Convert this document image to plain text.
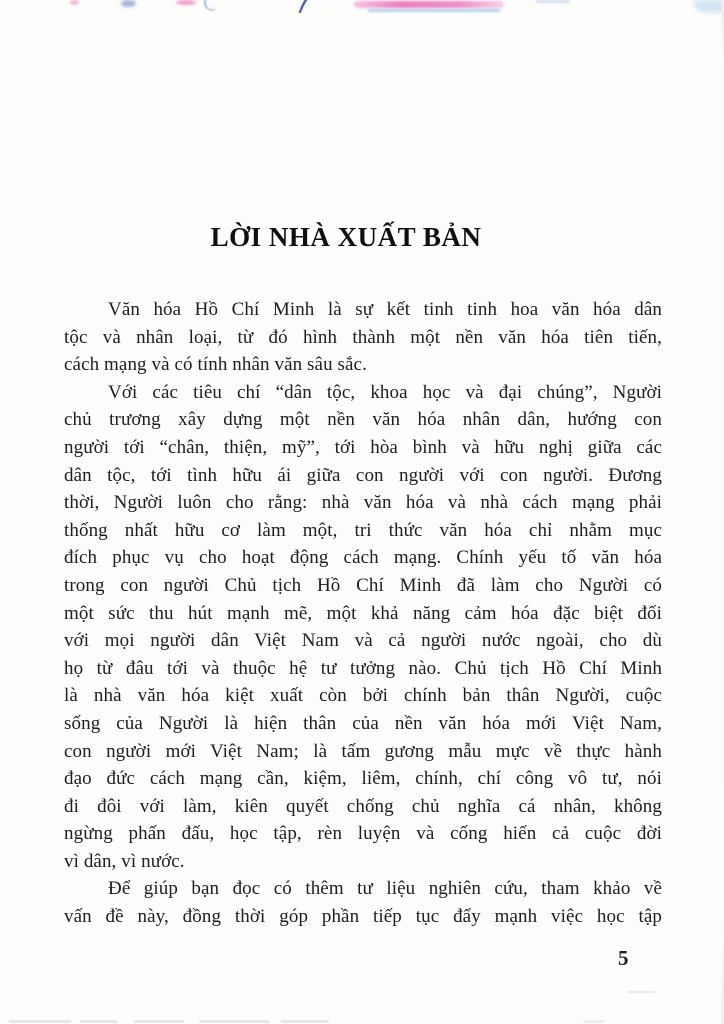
LỜI NHÀ XUẤT BẢN
Văn hóa Hồ Chí Minh là sự kết tinh tinh hoa văn hóa dân
tộc và nhân loại, từ đó hình thành một nền văn hóa tiên tiến,
cách mạng và có tính nhân văn sâu sắc.
Với các tiêu chí “dân tộc, khoa học và đại chúng”, Người
chủ trương xây dựng một nền văn hóa nhân dân, hướng con
người tới “chân, thiện, mỹ”, tới hòa bình và hữu nghị giữa các
dân tộc, tới tình hữu ái giữa con người với con người. Đương
thời, Người luôn cho rằng: nhà văn hóa và nhà cách mạng phải
thống nhất hữu cơ làm một, tri thức văn hóa chỉ nhằm mục
đích phục vụ cho hoạt động cách mạng. Chính yếu tố văn hóa
trong con người Chủ tịch Hồ Chí Minh đã làm cho Người có
một sức thu hút mạnh mẽ, một khả năng cảm hóa đặc biệt đối
với mọi người dân Việt Nam và cả người nước ngoài, cho dù
họ từ đâu tới và thuộc hệ tư tưởng nào. Chủ tịch Hồ Chí Minh
là nhà văn hóa kiệt xuất còn bởi chính bản thân Người, cuộc
sống của Người là hiện thân của nền văn hóa mới Việt Nam,
con người mới Việt Nam; là tấm gương mẫu mực về thực hành
đạo đức cách mạng cần, kiệm, liêm, chính, chí công vô tư, nói
đi đôi với làm, kiên quyết chống chủ nghĩa cá nhân, không
ngừng phấn đấu, học tập, rèn luyện và cống hiến cả cuộc đời
vì dân, vì nước.
Để giúp bạn đọc có thêm tư liệu nghiên cứu, tham khảo về
vấn đề này, đồng thời góp phần tiếp tục đẩy mạnh việc học tập
5
